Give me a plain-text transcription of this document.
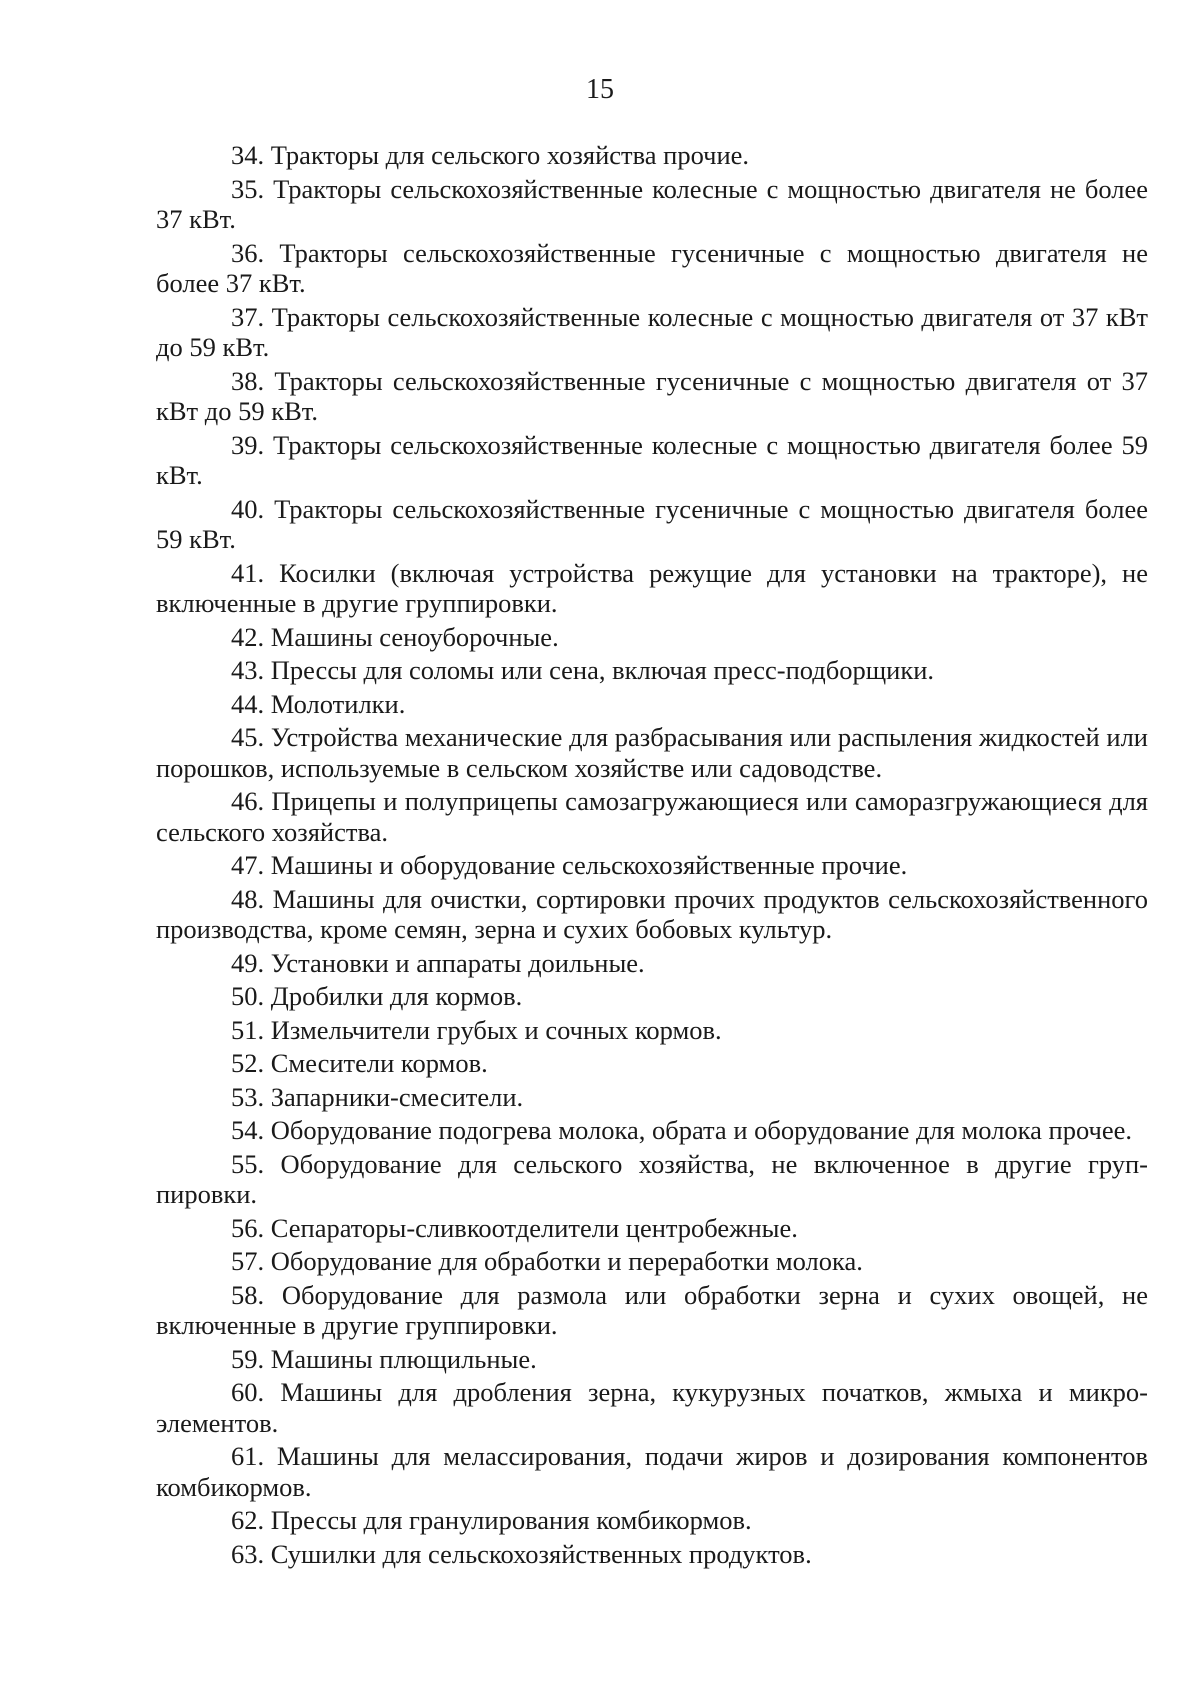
15
34. Тракторы для сельского хозяйства прочие.
35. Тракторы сельскохозяйственные колесные с мощностью двигателя не более 37 кВт.
36. Тракторы сельскохозяйственные гусеничные с мощностью двигателя не более 37 кВт.
37. Тракторы сельскохозяйственные колесные с мощностью двигателя от 37 кВт до 59 кВт.
38. Тракторы сельскохозяйственные гусеничные с мощностью двигателя от 37 кВт до 59 кВт.
39. Тракторы сельскохозяйственные колесные с мощностью двигателя более 59 кВт.
40. Тракторы сельскохозяйственные гусеничные с мощностью двигателя более 59 кВт.
41. Косилки (включая устройства режущие для установки на тракторе), не включенные в другие группировки.
42. Машины сеноуборочные.
43. Прессы для соломы или сена, включая пресс-подборщики.
44. Молотилки.
45. Устройства механические для разбрасывания или распыления жидкостей или порошков, используемые в сельском хозяйстве или садоводстве.
46. Прицепы и полуприцепы самозагружающиеся или саморазгружающиеся для сельского хозяйства.
47. Машины и оборудование сельскохозяйственные прочие.
48. Машины для очистки, сортировки прочих продуктов сельскохозяйственного производства, кроме семян, зерна и сухих бобовых культур.
49. Установки и аппараты доильные.
50. Дробилки для кормов.
51. Измельчители грубых и сочных кормов.
52. Смесители кормов.
53. Запарники-смесители.
54. Оборудование подогрева молока, обрата и оборудование для молока прочее.
55. Оборудование для сельского хозяйства, не включенное в другие группировки.
56. Сепараторы-сливкоотделители центробежные.
57. Оборудование для обработки и переработки молока.
58. Оборудование для размола или обработки зерна и сухих овощей, не включенные в другие группировки.
59. Машины плющильные.
60. Машины для дробления зерна, кукурузных початков, жмыха и микроэлементов.
61. Машины для мелассирования, подачи жиров и дозирования компонентов комбикормов.
62. Прессы для гранулирования комбикормов.
63. Сушилки для сельскохозяйственных продуктов.
